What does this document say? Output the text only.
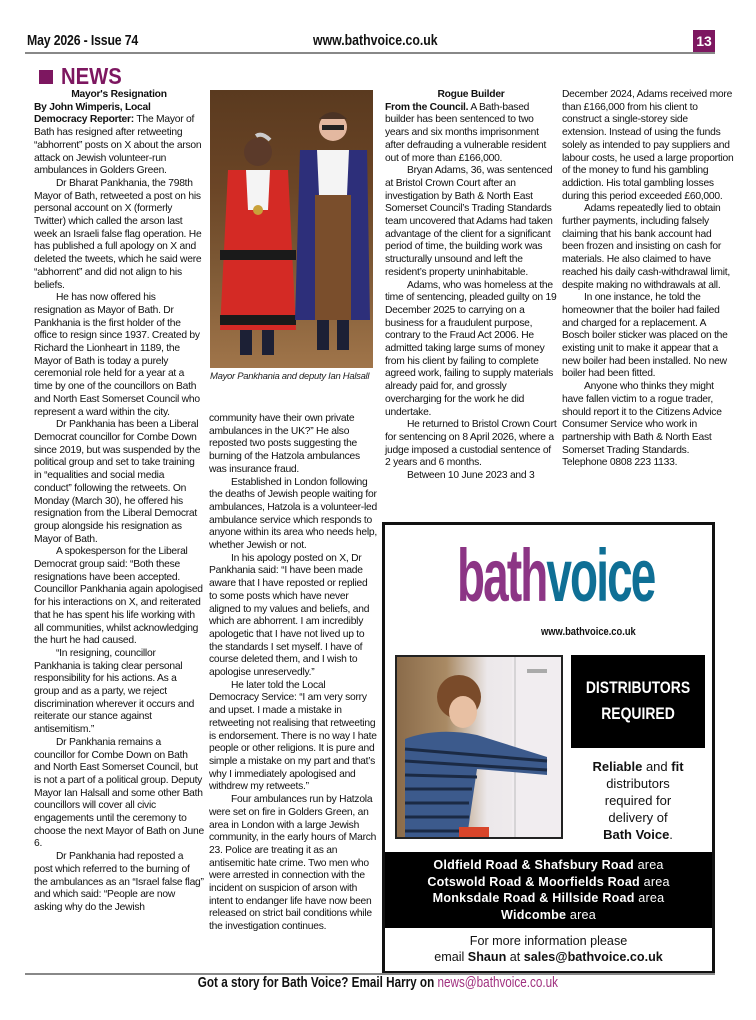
May 2026 - Issue 74	www.bathvoice.co.uk	13
NEWS
Mayor's Resignation

By John Wimperis, Local Democracy Reporter: The Mayor of Bath has resigned after retweeting “abhorrent” posts on X about the arson attack on Jewish volunteer-run ambulances in Golders Green.

Dr Bharat Pankhania, the 798th Mayor of Bath, retweeted a post on his personal account on X (formerly Twitter) which called the arson last week an Israeli false flag operation. He has published a full apology on X and deleted the tweets, which he said were “abhorrent” and did not align to his beliefs.

He has now offered his resignation as Mayor of Bath. Dr Pankhania is the first holder of the office to resign since 1937. Created by Richard the Lionheart in 1189, the Mayor of Bath is today a purely ceremonial role held for a year at a time by one of the councillors on Bath and North East Somerset Council who represent a ward within the city.

Dr Pankhania has been a Liberal Democrat councillor for Combe Down since 2019, but was suspended by the political group and set to take training in “equalities and social media conduct” following the retweets. On Monday (March 30), he offered his resignation from the Liberal Democrat group alongside his resignation as Mayor of Bath.

A spokesperson for the Liberal Democrat group said: “Both these resignations have been accepted. Councillor Pankhania again apologised for his interactions on X, and reiterated that he has spent his life working with all communities, whilst acknowledging the hurt he had caused.

“In resigning, councillor Pankhania is taking clear personal responsibility for his actions. As a group and as a party, we reject discrimination wherever it occurs and reiterate our stance against antisemitism.”

Dr Pankhania remains a councillor for Combe Down on Bath and North East Somerset Council, but is not a part of a political group. Deputy Mayor Ian Halsall and some other Bath councillors will cover all civic engagements until the ceremony to choose the next Mayor of Bath on June 6.

Dr Pankhania had reposted a post which referred to the burning of the ambulances as an “Israel false flag” and which said: “People are now asking why do the Jewish

Mayor Pankhania and deputy Ian Halsall

community have their own private ambulances in the UK?” He also reposted two posts suggesting the burning of the Hatzola ambulances was insurance fraud.

Established in London following the deaths of Jewish people waiting for ambulances, Hatzola is a volunteer-led ambulance service which responds to anyone within its area who needs help, whether Jewish or not.

In his apology posted on X, Dr Pankhania said: “I have been made aware that I have reposted or replied to some posts which have never aligned to my values and beliefs, and which are abhorrent. I am incredibly apologetic that I have not lived up to the standards I set myself. I have of course deleted them, and I wish to apologise unreservedly.”

He later told the Local Democracy Service: “I am very sorry and upset. I made a mistake in retweeting not realising that retweeting is endorsement. There is no way I hate people or other religions. It is pure and simple a mistake on my part and that’s why I immediately apologised and withdrew my retweets.”

Four ambulances run by Hatzola were set on fire in Golders Green, an area in London with a large Jewish community, in the early hours of March 23. Police are treating it as an antisemitic hate crime. Two men who were arrested in connection with the incident on suspicion of arson with intent to endanger life have now been released on strict bail conditions while the investigation continues.

Rogue Builder

From the Council. A Bath-based builder has been sentenced to two years and six months imprisonment after defrauding a vulnerable resident out of more than £166,000.

Bryan Adams, 36, was sentenced at Bristol Crown Court after an investigation by Bath & North East Somerset Council’s Trading Standards team uncovered that Adams had taken advantage of the client for a significant period of time, the building work was structurally unsound and left the resident’s property uninhabitable.

Adams, who was homeless at the time of sentencing, pleaded guilty on 19 December 2025 to carrying on a business for a fraudulent purpose, contrary to the Fraud Act 2006. He admitted taking large sums of money from his client by failing to complete agreed work, failing to supply materials already paid for, and grossly overcharging for the work he did undertake.

He returned to Bristol Crown Court for sentencing on 8 April 2026, where a judge imposed a custodial sentence of 2 years and 6 months.

Between 10 June 2023 and 3

December 2024, Adams received more than £166,000 from his client to construct a single-storey side extension. Instead of using the funds solely as intended to pay suppliers and labour costs, he used a large proportion of the money to fund his gambling addiction. His total gambling losses during this period exceeded £60,000.

Adams repeatedly lied to obtain further payments, including falsely claiming that his bank account had been frozen and insisting on cash for materials. He also claimed to have reached his daily cash-withdrawal limit, despite making no withdrawals at all.

In one instance, he told the homeowner that the boiler had failed and charged for a replacement. A Bosch boiler sticker was placed on the existing unit to make it appear that a new boiler had been installed. No new boiler had been fitted.

Anyone who thinks they might have fallen victim to a rogue trader, should report it to the Citizens Advice Consumer Service who work in partnership with Bath & North East Somerset Trading Standards. Telephone 0808 223 1133.

bathvoice
www.bathvoice.co.uk
DISTRIBUTORS
REQUIRED
Reliable and fit
distributors
required for
delivery of
Bath Voice.
Oldfield Road & Shafsbury Road area
Cotswold Road & Moorfields Road area
Monksdale Road & Hillside Road area
Widcombe area
For more information please
email Shaun at sales@bathvoice.co.uk
Got a story for Bath Voice? Email Harry on news@bathvoice.co.uk
